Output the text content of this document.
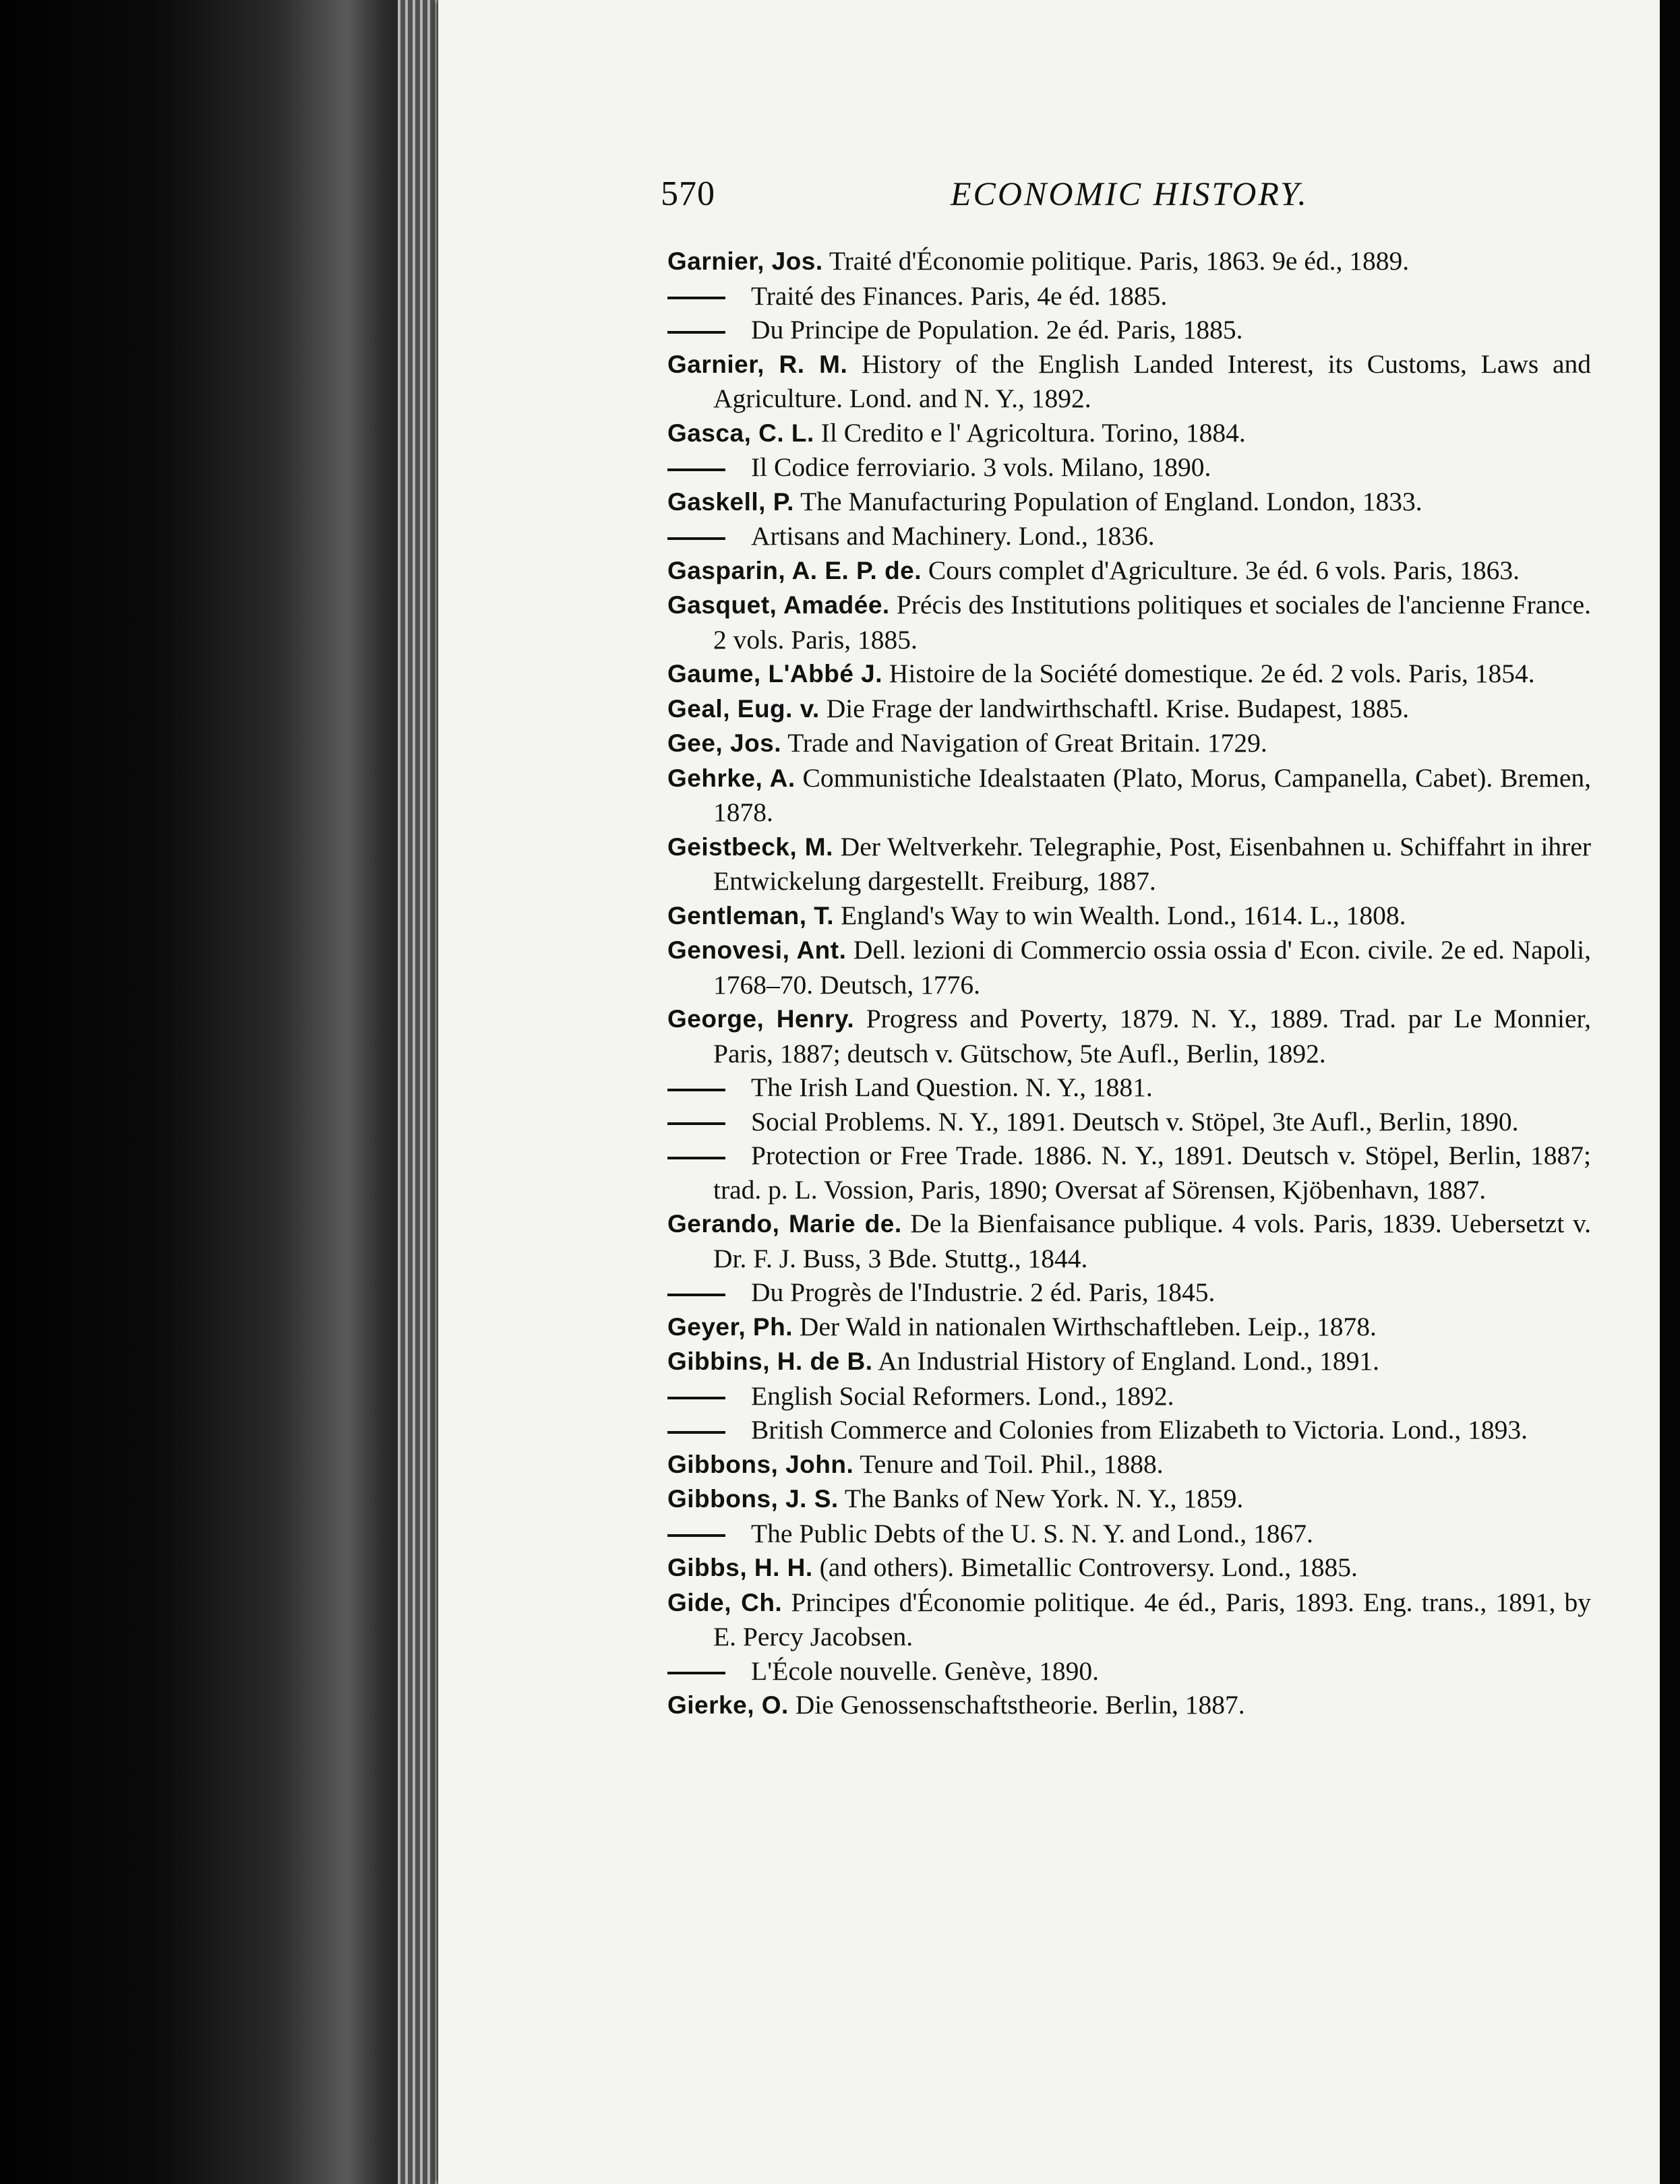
570	ECONOMIC HISTORY.

Garnier, Jos. Traité d'Économie politique. Paris, 1863. 9e éd., 1889.

Traité des Finances. Paris, 4e éd. 1885.

Du Principe de Population. 2e éd. Paris, 1885.

Garnier, R. M. History of the English Landed Interest, its Customs, Laws and Agriculture. Lond. and N. Y., 1892.

Gasca, C. L. Il Credito e l' Agricoltura. Torino, 1884.

Il Codice ferroviario. 3 vols. Milano, 1890.

Gaskell, P. The Manufacturing Population of England. London, 1833.

Artisans and Machinery. Lond., 1836.

Gasparin, A. E. P. de. Cours complet d'Agriculture. 3e éd. 6 vols. Paris, 1863.

Gasquet, Amadée. Précis des Institutions politiques et sociales de l'ancienne France. 2 vols. Paris, 1885.

Gaume, L'Abbé J. Histoire de la Société domestique. 2e éd. 2 vols. Paris, 1854.

Geal, Eug. v. Die Frage der landwirthschaftl. Krise. Budapest, 1885.

Gee, Jos. Trade and Navigation of Great Britain. 1729.

Gehrke, A. Communistiche Idealstaaten (Plato, Morus, Campanella, Cabet). Bremen, 1878.

Geistbeck, M. Der Weltverkehr. Telegraphie, Post, Eisenbahnen u. Schiffahrt in ihrer Entwickelung dargestellt. Freiburg, 1887.

Gentleman, T. England's Way to win Wealth. Lond., 1614. L., 1808.

Genovesi, Ant. Dell. lezioni di Commercio ossia ossia d' Econ. civile. 2e ed. Napoli, 1768–70. Deutsch, 1776.

George, Henry. Progress and Poverty, 1879. N. Y., 1889. Trad. par Le Monnier, Paris, 1887; deutsch v. Gütschow, 5te Aufl., Berlin, 1892.

The Irish Land Question. N. Y., 1881.

Social Problems. N. Y., 1891. Deutsch v. Stöpel, 3te Aufl., Berlin, 1890.

Protection or Free Trade. 1886. N. Y., 1891. Deutsch v. Stöpel, Berlin, 1887; trad. p. L. Vossion, Paris, 1890; Oversat af Sörensen, Kjöbenhavn, 1887.

Gerando, Marie de. De la Bienfaisance publique. 4 vols. Paris, 1839. Uebersetzt v. Dr. F. J. Buss, 3 Bde. Stuttg., 1844.

Du Progrès de l'Industrie. 2 éd. Paris, 1845.

Geyer, Ph. Der Wald in nationalen Wirthschaftleben. Leip., 1878.

Gibbins, H. de B. An Industrial History of England. Lond., 1891.

English Social Reformers. Lond., 1892.

British Commerce and Colonies from Elizabeth to Victoria. Lond., 1893.

Gibbons, John. Tenure and Toil. Phil., 1888.

Gibbons, J. S. The Banks of New York. N. Y., 1859.

The Public Debts of the U. S. N. Y. and Lond., 1867.

Gibbs, H. H. (and others). Bimetallic Controversy. Lond., 1885.

Gide, Ch. Principes d'Économie politique. 4e éd., Paris, 1893. Eng. trans., 1891, by E. Percy Jacobsen.

L'École nouvelle. Genève, 1890.

Gierke, O. Die Genossenschaftstheorie. Berlin, 1887.
